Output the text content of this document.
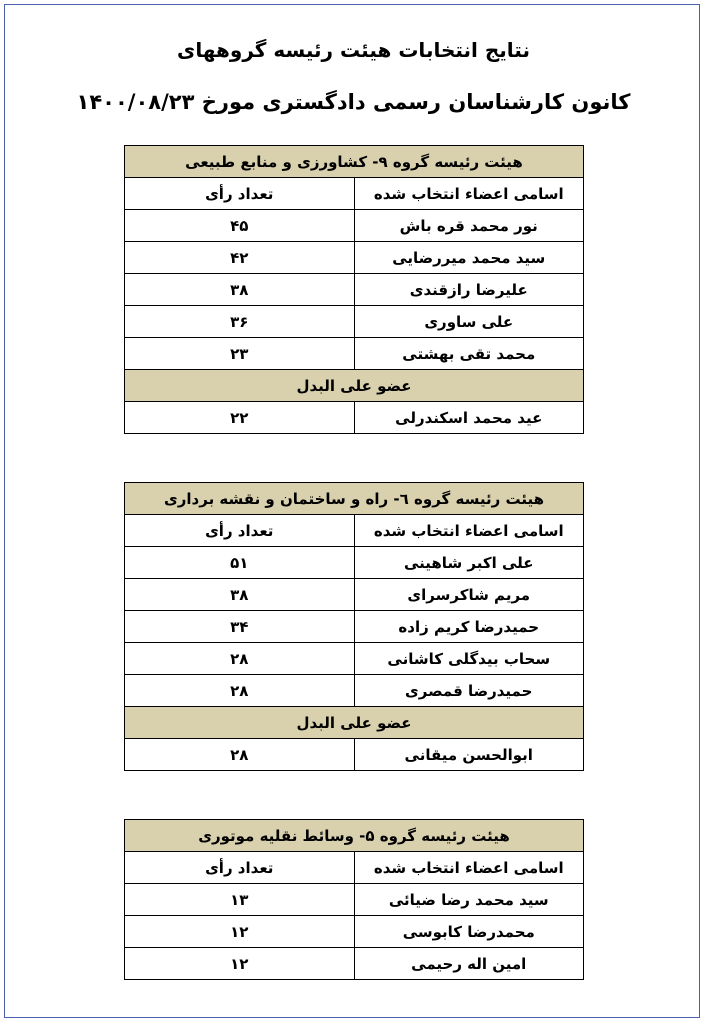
نتایج انتخابات هیئت رئیسه گروههای
کانون کارشناسان رسمی دادگستری مورخ ۱۴۰۰/۰۸/۲۳
هیئت رئیسه گروه ۹- کشاورزی و منابع طبیعی	
اسامی اعضاء انتخاب شده	تعداد رأی
نور محمد قره باش	۴۵
سید محمد میررضایی	۴۲
علیرضا رازقندی	۳۸
علی ساوری	۳۶
محمد تقی بهشتی	۲۳
عضو علی البدل	
عید محمد اسکندرلی	۲۲
هیئت رئیسه گروه ٦- راه و ساختمان و نقشه برداری	
اسامی اعضاء انتخاب شده	تعداد رأی
علی اکبر شاهینی	۵۱
مریم شاکرسرای	۳۸
حمیدرضا کریم زاده	۳۴
سحاب بیدگلی کاشانی	۲۸
حمیدرضا قمصری	۲۸
عضو علی البدل	
ابوالحسن میقانی	۲۸
هیئت رئیسه گروه ۵- وسائط نقلیه موتوری	
اسامی اعضاء انتخاب شده	تعداد رأی
سید محمد رضا ضیائی	۱۳
محمدرضا کابوسی	۱۲
امین اله رحیمی	۱۲
